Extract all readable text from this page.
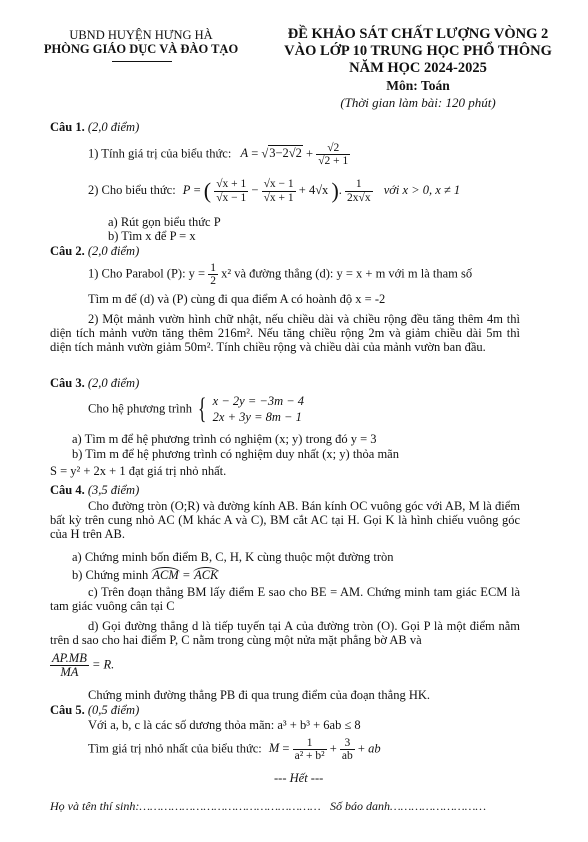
UBND HUYỆN HƯNG HÀ
PHÒNG GIÁO DỤC VÀ ĐÀO TẠO
ĐỀ KHẢO SÁT CHẤT LƯỢNG VÒNG 2
VÀO LỚP 10 TRUNG HỌC PHỔ THÔNG
NĂM HỌC 2024-2025
Môn: Toán
(Thời gian làm bài: 120 phút)
Câu 1. (2,0 điểm)
1) Tính giá trị của biểu thức: $A = √3-2√2 + \frac{√2}{√2 + 1}$
2) Cho biểu thức: P = ( $\frac{√x + 1}{√x - 1} - \frac{√x - 1}{√x + 1} + 4√x$ ). $\frac{1}{2x√x}$ với x > 0, x ≠ 1
a) Rút gọn biểu thức P
b) Tìm x để P = x
Câu 2. (2,0 điểm)
1) Cho Parabol (P): $y = \frac{1}{2} x^2$ và đường thẳng (d): y = x + m với m là tham số
Tìm m để (d) và (P) cùng đi qua điểm A có hoành độ x = -2
2) Một mảnh vườn hình chữ nhật, nếu chiều dài và chiều rộng đều tăng thêm 4m thì diện tích mảnh vườn tăng thêm 216m². Nếu tăng chiều rộng 2m và giảm chiều dài 5m thì diện tích mảnh vườn giảm 50m². Tính chiều rộng và chiều dài của mảnh vườn ban đầu.
Câu 3. (2,0 điểm)
Cho hệ phương trình { x − 2y = −3m − 4
2x + 3y = 8m − 1
a) Tìm m để hệ phương trình có nghiệm (x; y) trong đó y = 3
b) Tìm m để hệ phương trình có nghiệm duy nhất (x; y) thỏa mãn
S = y² + 2x + 1 đạt giá trị nhỏ nhất.
Câu 4. (3,5 điểm)
Cho đường tròn (O;R) và đường kính AB. Bán kính OC vuông góc với AB, M là điểm bất kỳ trên cung nhỏ AC (M khác A và C), BM cắt AC tại H. Gọi K là hình chiếu vuông góc của H trên AB.
a) Chứng minh bốn điểm B, C, H, K cùng thuộc một đường tròn
b) Chứng minh ACM = ACK
c) Trên đoạn thẳng BM lấy điểm E sao cho BE = AM. Chứng minh tam giác ECM là tam giác vuông cân tại C
d) Gọi đường thẳng d là tiếp tuyến tại A của đường tròn (O). Gọi P là một điểm nằm trên d sao cho hai điểm P, C nằm trong cùng một nửa mặt phẳng bờ AB và
$\frac{AP.MB}{MA} = R$.
Chứng minh đường thẳng PB đi qua trung điểm của đoạn thẳng HK.
Câu 5. (0,5 điểm)
Với a, b, c là các số dương thỏa mãn: a³ + b³ + 6ab ≤ 8
Tìm giá trị nhỏ nhất của biểu thức: $M = \frac{1}{\text{a² + b²}} + \frac{3}{ab}$ + ab
--- Hết ---
Họ và tên thí sinh:…………………………………………… Số báo danh………………………
